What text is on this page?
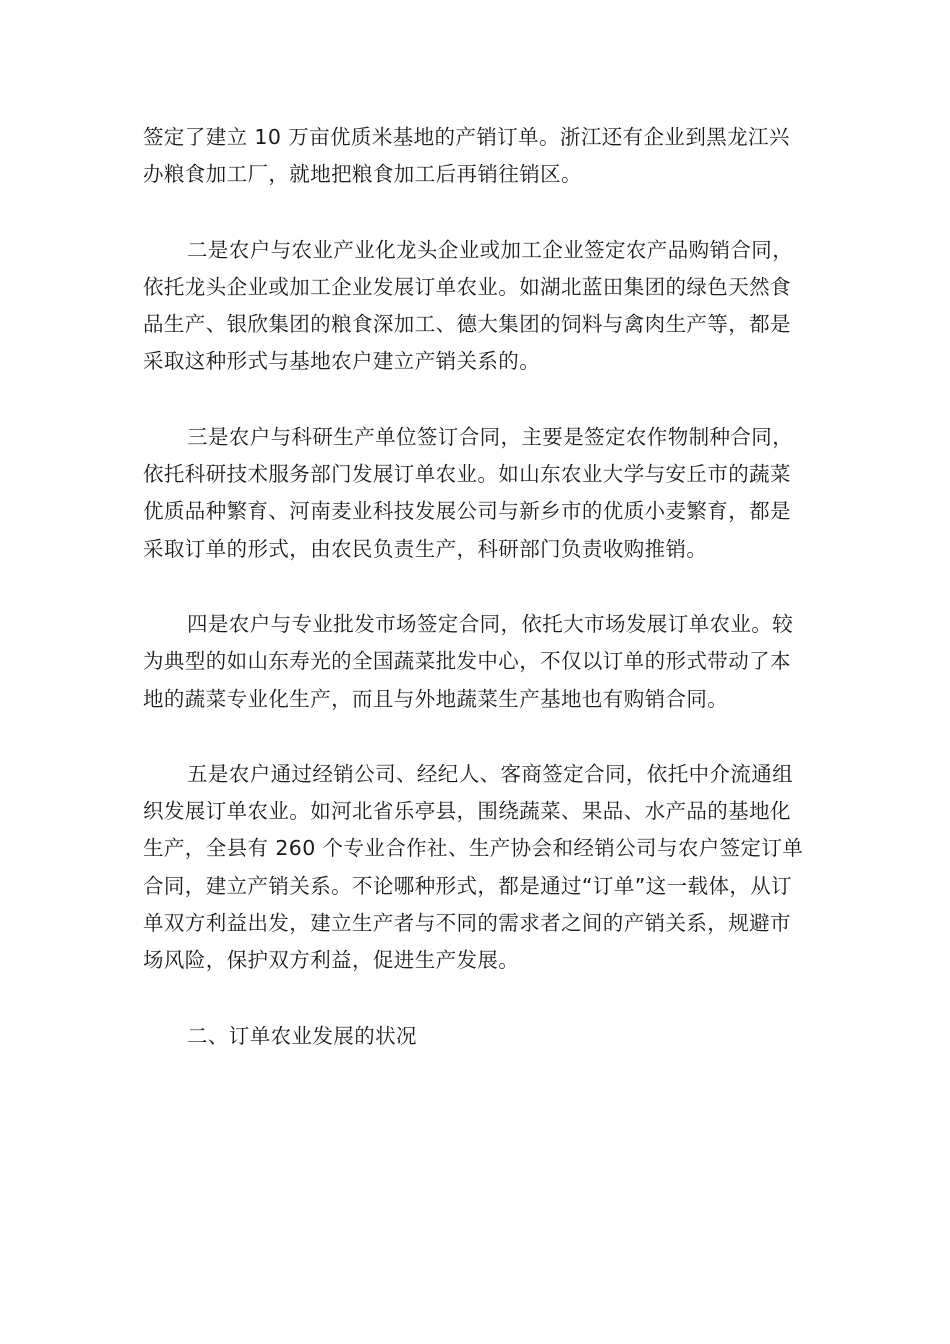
签定了建立 10 万亩优质米基地的产销订单。浙江还有企业到黑龙江兴
办粮食加工厂，就地把粮食加工后再销往销区。

二是农户与农业产业化龙头企业或加工企业签定农产品购销合同，
依托龙头企业或加工企业发展订单农业。如湖北蓝田集团的绿色天然食
品生产、银欣集团的粮食深加工、德大集团的饲料与禽肉生产等，都是
采取这种形式与基地农户建立产销关系的。

三是农户与科研生产单位签订合同，主要是签定农作物制种合同，
依托科研技术服务部门发展订单农业。如山东农业大学与安丘市的蔬菜
优质品种繁育、河南麦业科技发展公司与新乡市的优质小麦繁育，都是
采取订单的形式，由农民负责生产，科研部门负责收购推销。

四是农户与专业批发市场签定合同，依托大市场发展订单农业。较
为典型的如山东寿光的全国蔬菜批发中心，不仅以订单的形式带动了本
地的蔬菜专业化生产，而且与外地蔬菜生产基地也有购销合同。

五是农户通过经销公司、经纪人、客商签定合同，依托中介流通组
织发展订单农业。如河北省乐亭县，围绕蔬菜、果品、水产品的基地化
生产，全县有 260 个专业合作社、生产协会和经销公司与农户签定订单
合同，建立产销关系。不论哪种形式，都是通过“订单”这一载体，从订
单双方利益出发，建立生产者与不同的需求者之间的产销关系，规避市
场风险，保护双方利益，促进生产发展。

二、订单农业发展的状况
